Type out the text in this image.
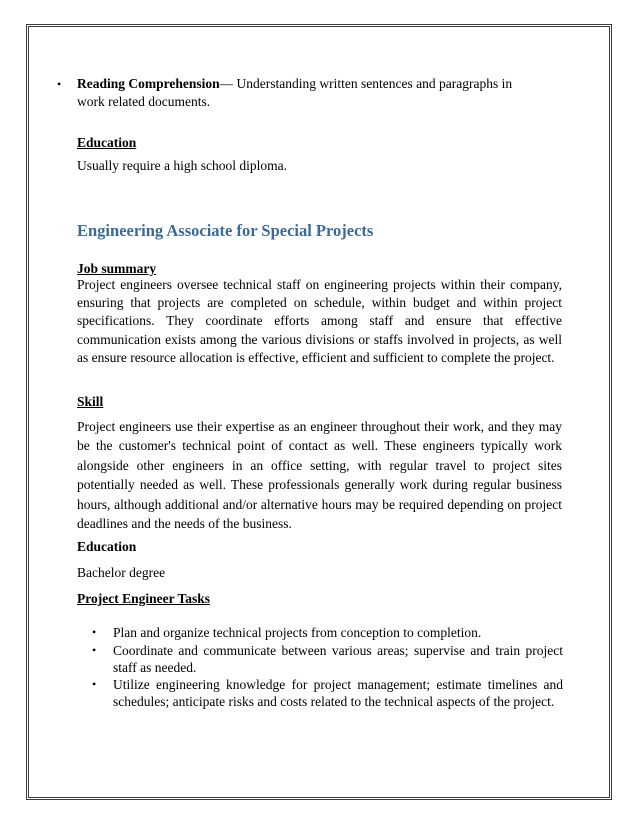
• Reading Comprehension— Understanding written sentences and paragraphs in
work related documents.
Education
Usually require a high school diploma.
Engineering Associate for Special Projects
Job summary
Project engineers oversee technical staff on engineering projects within their company, ensuring that projects are completed on schedule, within budget and within project specifications. They coordinate efforts among staff and ensure that effective communication exists among the various divisions or staffs involved in projects, as well as ensure resource allocation is effective, efficient and sufficient to complete the project.
Skill
Project engineers use their expertise as an engineer throughout their work, and they may be the customer's technical point of contact as well. These engineers typically work alongside other engineers in an office setting, with regular travel to project sites potentially needed as well. These professionals generally work during regular business hours, although additional and/or alternative hours may be required depending on project deadlines and the needs of the business.
Education
Bachelor degree
Project Engineer Tasks
• Plan and organize technical projects from conception to completion.
• Coordinate and communicate between various areas; supervise and train project staff as needed.
• Utilize engineering knowledge for project management; estimate timelines and schedules; anticipate risks and costs related to the technical aspects of the project.
